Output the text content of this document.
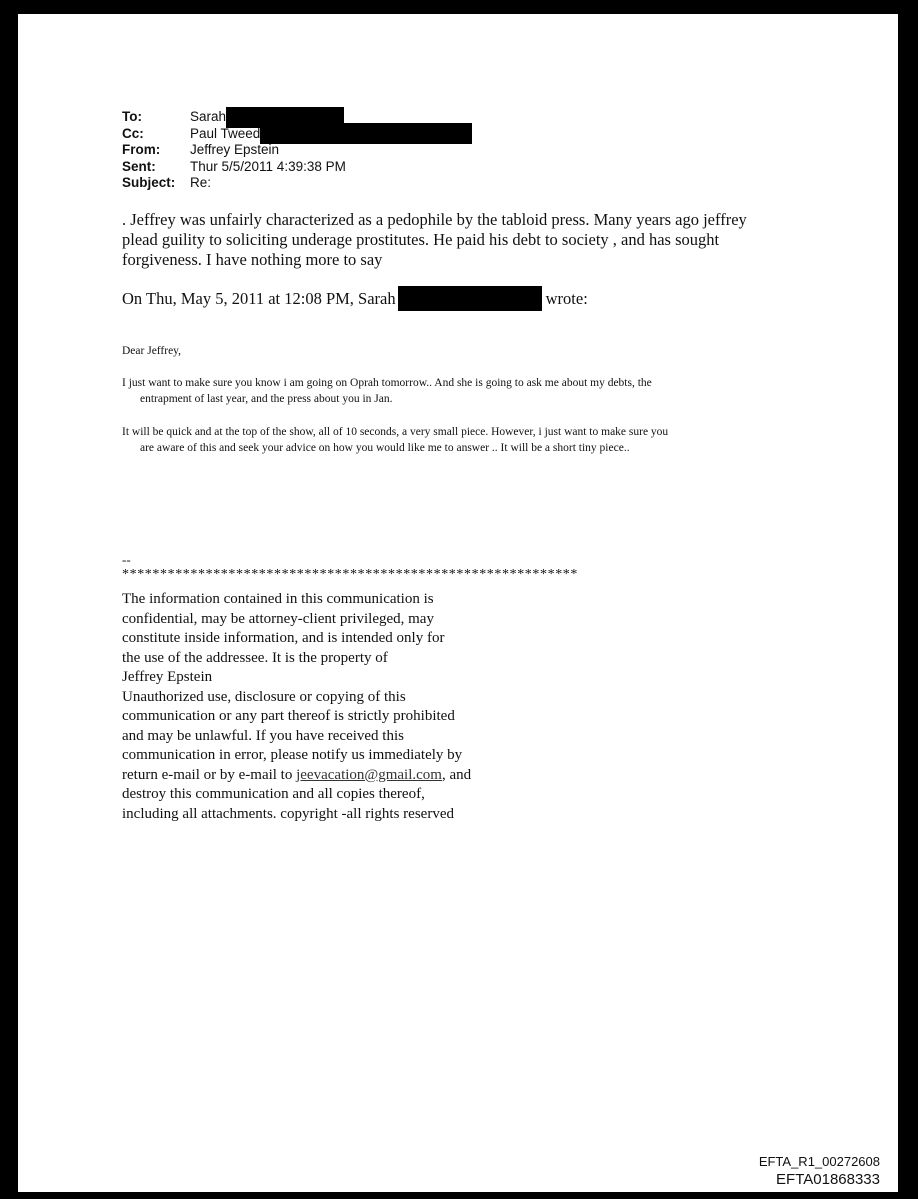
To:	Sarah
Cc:	Paul Tweed
From:	Jeffrey Epstein
Sent:	Thur 5/5/2011 4:39:38 PM
Subject:	Re:
. Jeffrey was unfairly characterized as a pedophile by the tabloid press. Many years ago jeffrey
plead guility to soliciting underage prostitutes. He paid his debt to society , and has sought
forgiveness. I have nothing more to say
On Thu, May 5, 2011 at 12:08 PM, Sarah	wrote:
Dear Jeffrey,
I just want to make sure you know i am going on Oprah tomorrow.. And she is going to ask me about my debts, the
entrapment of last year, and the press about you in Jan.
It will be quick and at the top of the show, all of 10 seconds, a very small piece. However, i just want to make sure you
are aware of this and seek your advice on how you would like me to answer .. It will be a short tiny piece..
--
************************************************************
The information contained in this communication is
confidential, may be attorney-client privileged, may
constitute inside information, and is intended only for
the use of the addressee. It is the property of
Jeffrey Epstein
Unauthorized use, disclosure or copying of this
communication or any part thereof is strictly prohibited
and may be unlawful. If you have received this
communication in error, please notify us immediately by
return e-mail or by e-mail to jeevacation@gmail.com, and
destroy this communication and all copies thereof,
including all attachments. copyright -all rights reserved
EFTA_R1_00272608
EFTA01868333
